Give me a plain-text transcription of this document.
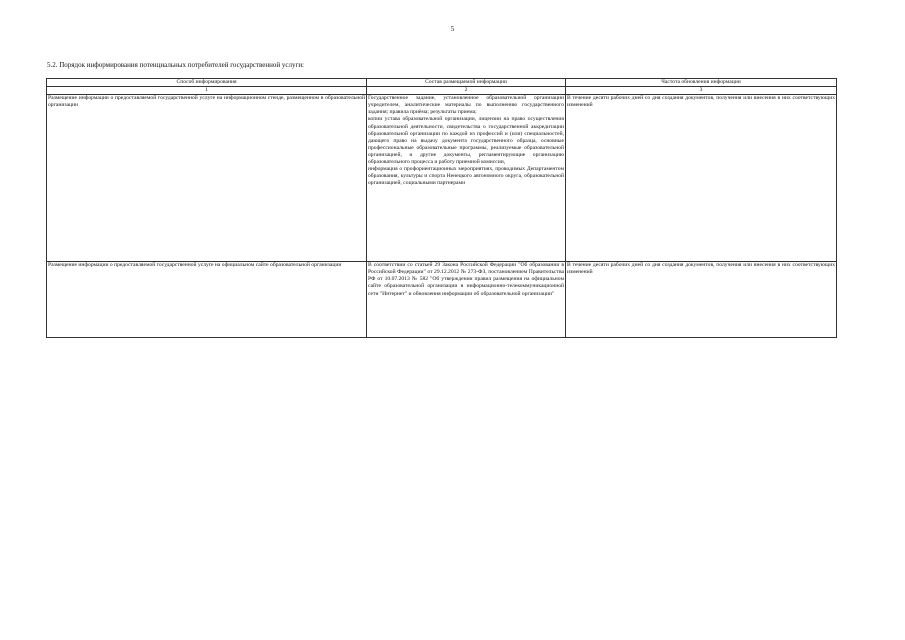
5
5.2. Порядок информирования потенциальных потребителей государственной услуги:
Способ информирования	Состав размещаемой информации	Частота обновления информации
1	2	3
Размещение информации о предоставляемой государственной услуге на информационном стенде, размещенном в образовательной организации	Государственное задание, установленное образовательной организации учредителем, аналитические материалы по выполнению государственного задания; правила приёма; результаты приема;
копии устава образовательной организации, лицензии на право осуществления образовательной деятельности, свидетельства о государственной аккредитации образовательной организации по каждой из профессий и (или) специальностей, дающего право на выдачу документа государственного образца, основные профессиональные образовательные программы, реализуемые образовательной организацией, и другие документы, регламентирующие организацию образовательного процесса и работу приемной комиссии,
информация о профориентационных мероприятиях, проводимых Департаментом образования, культуры и спорта Ненецкого автономного округа, образовательной организацией, социальными партнерами	В течение десяти рабочих дней со дня создания документов, получения или внесения в них соответствующих изменений
Размещение информации о предоставляемой государственной услуге на официальном сайте образовательной организации	В соответствии со статьей 29 Закона Российской Федерации "Об образовании в Российской Федерации" от 29.12.2012 № 273-ФЗ, постановлением Правительства РФ от 10.07.2013 № 582 "Об утверждении правил размещения на официальном сайте образовательной организации в информационно-телекоммуникационной сети "Интернет" и обновления информации об образовательной организации"	В течение десяти рабочих дней со дня создания документов, получения или внесения в них соответствующих изменений
